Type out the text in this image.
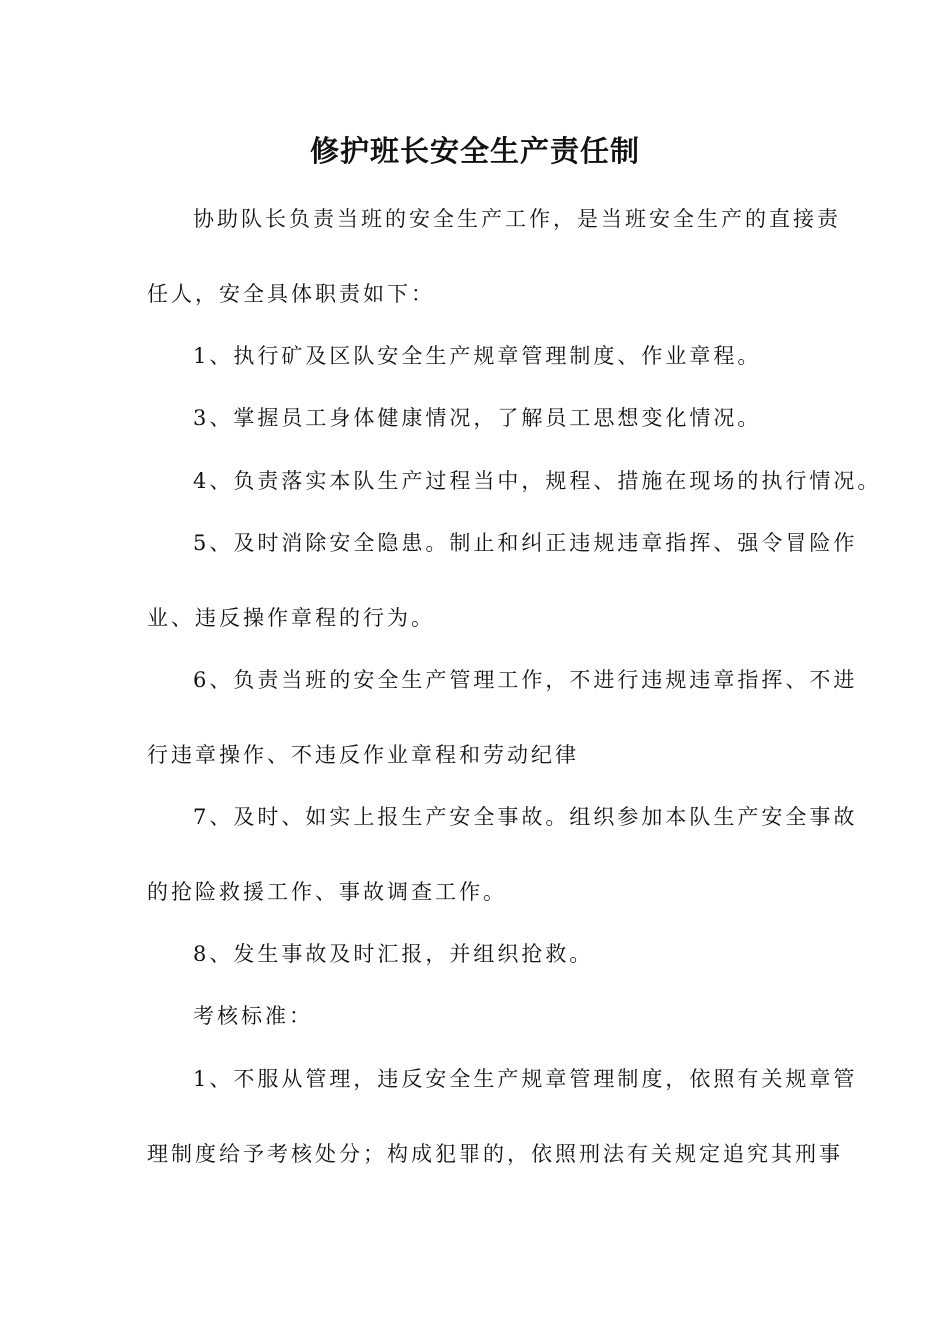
修护班长安全生产责任制
协助队长负责当班的安全生产工作，是当班安全生产的直接责
任人，安全具体职责如下：
1、执行矿及区队安全生产规章管理制度、作业章程。
3、掌握员工身体健康情况，了解员工思想变化情况。
4、负责落实本队生产过程当中，规程、措施在现场的执行情况。
5、及时消除安全隐患。制止和纠正违规违章指挥、强令冒险作
业、违反操作章程的行为。
6、负责当班的安全生产管理工作，不进行违规违章指挥、不进
行违章操作、不违反作业章程和劳动纪律
7、及时、如实上报生产安全事故。组织参加本队生产安全事故
的抢险救援工作、事故调查工作。
8、发生事故及时汇报，并组织抢救。
考核标准：
1、不服从管理，违反安全生产规章管理制度，依照有关规章管
理制度给予考核处分；构成犯罪的，依照刑法有关规定追究其刑事
